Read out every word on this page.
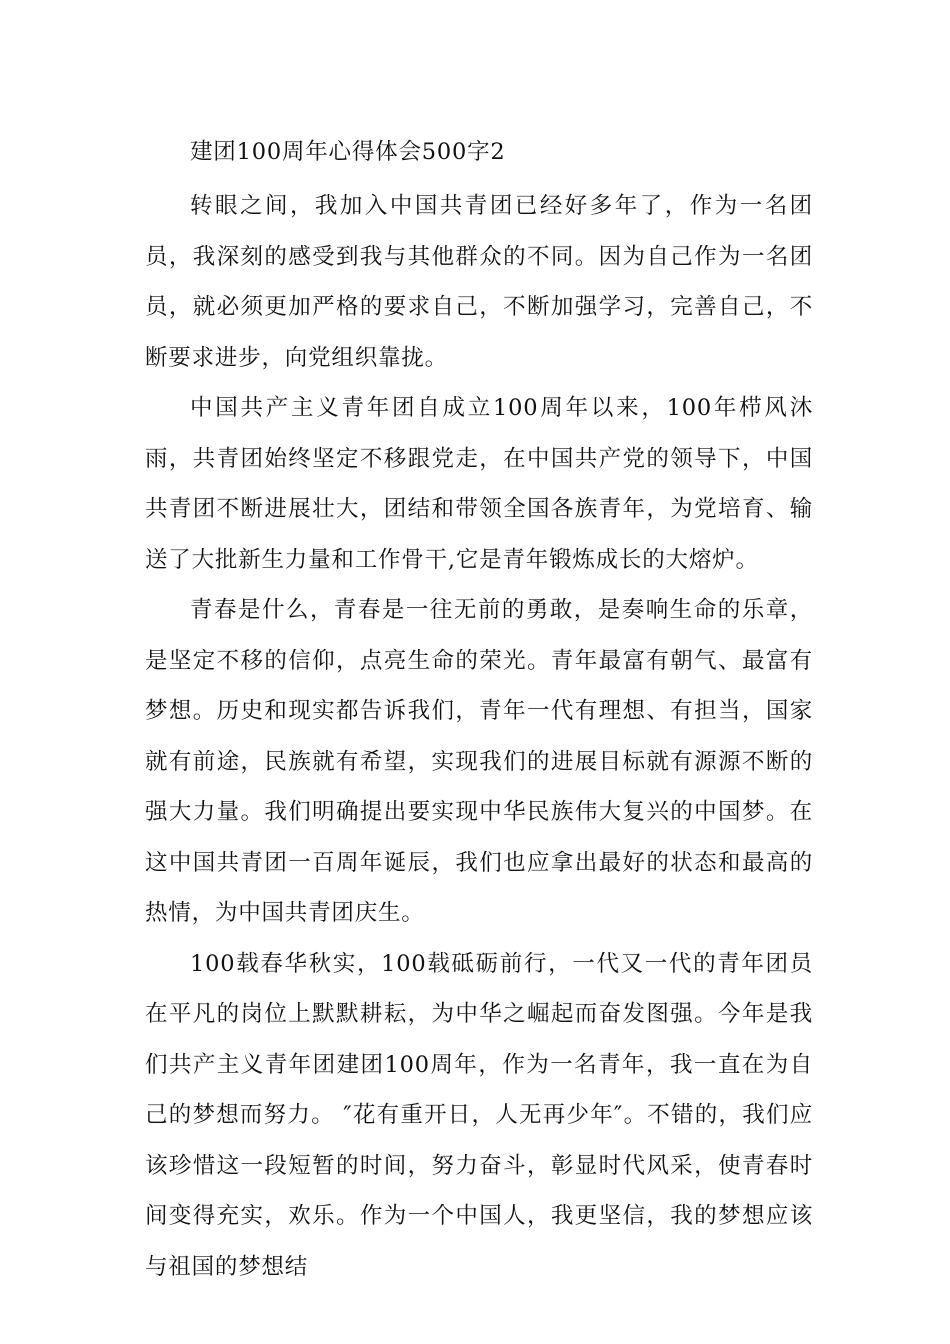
建团100周年心得体会500字2

转眼之间，我加入中国共青团已经好多年了，作为一名团员，我深刻的感受到我与其他群众的不同。因为自己作为一名团员，就必须更加严格的要求自己，不断加强学习，完善自己，不断要求进步，向党组织靠拢。

中国共产主义青年团自成立100周年以来，100年栉风沐雨，共青团始终坚定不移跟党走，在中国共产党的领导下，中国共青团不断进展壮大，团结和带领全国各族青年，为党培育、输送了大批新生力量和工作骨干,它是青年锻炼成长的大熔炉。

青春是什么，青春是一往无前的勇敢，是奏响生命的乐章，是坚定不移的信仰，点亮生命的荣光。青年最富有朝气、最富有梦想。历史和现实都告诉我们，青年一代有理想、有担当，国家就有前途，民族就有希望，实现我们的进展目标就有源源不断的强大力量。我们明确提出要实现中华民族伟大复兴的中国梦。在这中国共青团一百周年诞辰，我们也应拿出最好的状态和最高的热情，为中国共青团庆生。

100载春华秋实，100载砥砺前行，一代又一代的青年团员在平凡的岗位上默默耕耘，为中华之崛起而奋发图强。今年是我们共产主义青年团建团100周年，作为一名青年，我一直在为自己的梦想而努力。 ″花有重开日，人无再少年″。不错的，我们应该珍惜这一段短暂的时间，努力奋斗，彰显时代风采，使青春时间变得充实，欢乐。作为一个中国人，我更坚信，我的梦想应该与祖国的梦想结
